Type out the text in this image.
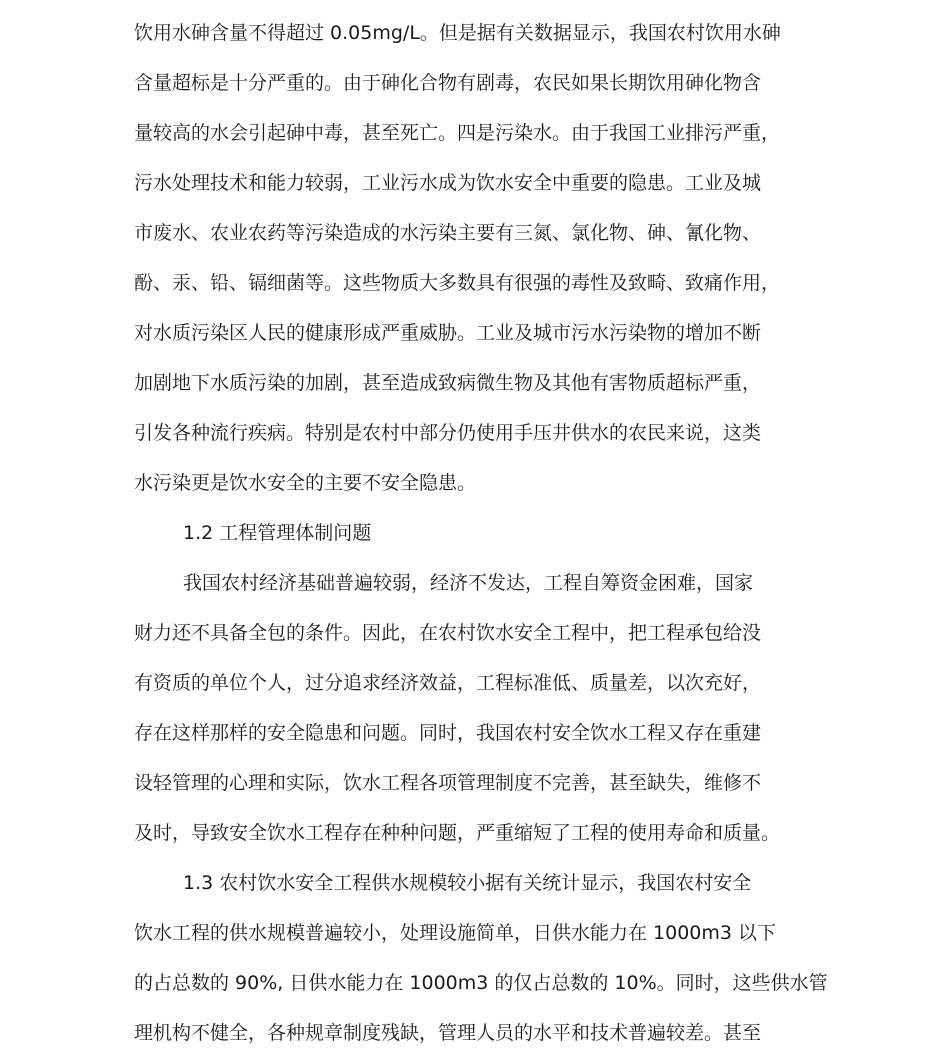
饮用水砷含量不得超过 0.05mg/L。但是据有关数据显示，我国农村饮用水砷
含量超标是十分严重的。由于砷化合物有剧毒，农民如果长期饮用砷化物含
量较高的水会引起砷中毒，甚至死亡。四是污染水。由于我国工业排污严重，
污水处理技术和能力较弱，工业污水成为饮水安全中重要的隐患。工业及城
市废水、农业农药等污染造成的水污染主要有三氮、氯化物、砷、氰化物、
酚、汞、铅、镉细菌等。这些物质大多数具有很强的毒性及致畸、致痛作用，
对水质污染区人民的健康形成严重威胁。工业及城市污水污染物的增加不断
加剧地下水质污染的加剧，甚至造成致病微生物及其他有害物质超标严重，
引发各种流行疾病。特别是农村中部分仍使用手压井供水的农民来说，这类
水污染更是饮水安全的主要不安全隐患。
1.2 工程管理体制问题
我国农村经济基础普遍较弱，经济不发达，工程自筹资金困难，国家
财力还不具备全包的条件。因此，在农村饮水安全工程中，把工程承包给没
有资质的单位个人，过分追求经济效益，工程标准低、质量差，以次充好，
存在这样那样的安全隐患和问题。同时，我国农村安全饮水工程又存在重建
设轻管理的心理和实际，饮水工程各项管理制度不完善，甚至缺失，维修不
及时，导致安全饮水工程存在种种问题，严重缩短了工程的使用寿命和质量。
1.3 农村饮水安全工程供水规模较小据有关统计显示，我国农村安全
饮水工程的供水规模普遍较小，处理设施简单，日供水能力在 1000m3 以下
的占总数的 90%, 日供水能力在 1000m3 的仅占总数的 10%。同时，这些供水管
理机构不健全，各种规章制度残缺，管理人员的水平和技术普遍较差。甚至
